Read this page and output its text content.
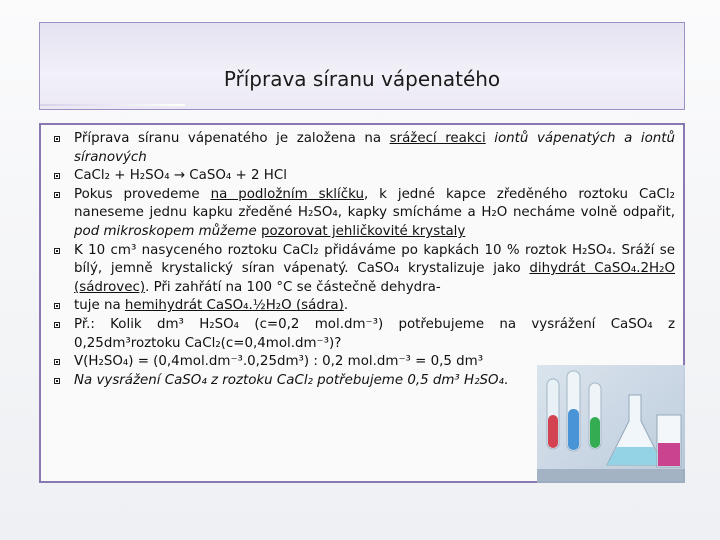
Příprava síranu vápenatého
Příprava síranu vápenatého je založena na srážecí reakci iontů vápenatých a iontů síranových
CaCl₂ + H₂SO₄ → CaSO₄ + 2 HCl
Pokus provedeme na podložním sklíčku, k jedné kapce zředěného roztoku CaCl₂ naneseme jednu kapku zředěné H₂SO₄, kapky smícháme a H₂O necháme volně odpařit, pod mikroskopem můžeme pozorovat jehličkovité krystaly
K 10 cm³ nasyceného roztoku CaCl₂ přidáváme po kapkách 10 % roztok H₂SO₄. Sráží se bílý, jemně krystalický síran vápenatý. CaSO₄ krystalizuje jako dihydrát CaSO₄.2H₂O (sádrovec). Při zahřátí na 100 °C se částečně dehydra-
tuje na hemihydrát CaSO₄.½H₂O (sádra).
Př.: Kolik dm³ H₂SO₄ (c=0,2 mol.dm⁻³) potřebujeme na vysrážení CaSO₄ z 0,25dm³roztoku CaCl₂(c=0,4mol.dm⁻³)?
V(H₂SO₄) = (0,4mol.dm⁻³.0,25dm³) : 0,2 mol.dm⁻³ = 0,5 dm³
Na vysrážení CaSO₄ z roztoku CaCl₂ potřebujeme 0,5 dm³ H₂SO₄.
